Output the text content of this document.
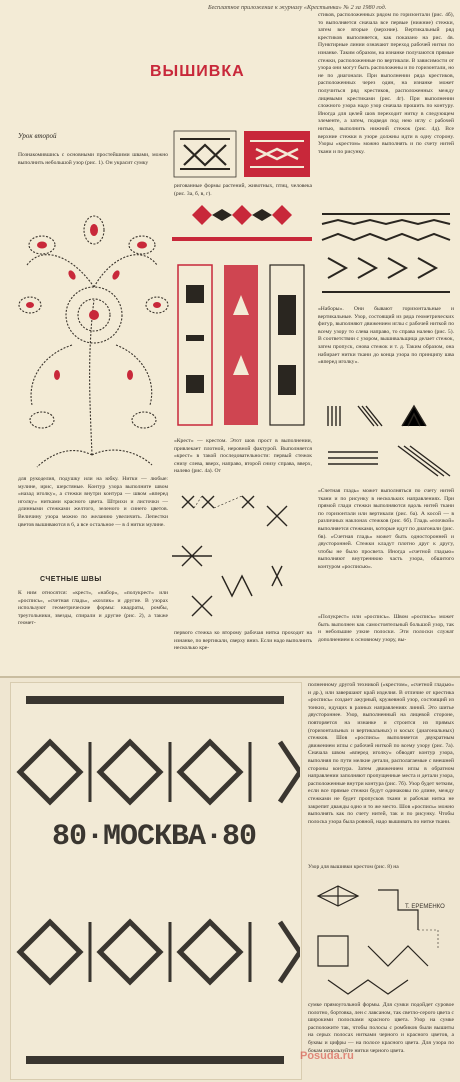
Бесплатное приложение к журналу «Крестьянка» № 2 за 1980 год.
ВЫШИВКА
Урок второй
Познакомившись с основными простейшими швами, можно выполнить небольшой узор (рис. 1). Он украсит сумку
ригованные формы растений, животных, птиц, человека (рис. 3а, б, в, г).
для рукоделия, подушку или на юбку. Нитки — любые: мулине, ирис, шерстяные. Контур узора выполните швом «назад иголку», а стежки внутри контура — швом «вперед иголку» нитками красного цвета. Штрихи и листочки — длинными стежками желтого, зеленого и синего цветов. Величину узора можно по желанию увеличить. Лепестки цветов вышиваются в 6, а все остальное — в 4 нитки мулине.
СЧЕТНЫЕ ШВЫ
К ним относятся: «крест», «набор», «полукрест» или «роспись», «счетная гладь», «козлик» и другие. В узорах используют геометрические формы: квадраты, ромбы, треугольники, звезды, спирали и другие (рис. 2), а также геомет-
«Крест» — крестом. Этот шов прост в выполнении, привлекает плотной, неровной фактурой. Выполняется «крест» в такой последовательности: первый стежок снизу слева, вверх, направо, второй снизу справа, вверх, налево (рис. 4а). От
первого стежка ко второму рабочая нитка проходит на изнанке, по вертикали, сверху вниз. Если надо выполнить несколько кре-
стиков, расположенных рядом по горизонтали (рис. 4б), то выполняется сначала все первые (нижние) стежки, затем все вторые (верхние). Вертикальный ряд крестиков выполняется, как показано на рис. 4в. Пунктирные линии означают переход рабочей нитки по изнанке. Таким образом, на изнанке получаются прямые стежки, расположенные по вертикали. В зависимости от узора они могут быть расположены и по горизонтали, но не по диагонали. При выполнении ряда крестиков, расположенных через один, на изнанке может получиться ряд крестиков, расположенных между лицевыми крестиками (рис. 4г). При выполнении сложного узора надо узор сначала прошить по контуру. Иногда для целей шов переходит нитку в следующем элементе, а затем, подведя под нею иглу с рабочей нитью, выполнить нижний стежок (рис. 4д). Все верхние стежки в узоре должны идти в одну сторону. Узоры «крестом» можно выполнять и по счету нитей ткани и по рисунку.
«Наборы». Они бывают горизонтальные и вертикальные. Узор, состоящий из ряда геометрических фигур, выполняют движением иглы с рабочей ниткой по всему узору то слева направо, то справа налево (рис. 5). В соответствии с узором, вышивальщица делает стежок, затем пропуск, снова стежок и т. д. Таким образом, она набирает нитки ткани до конца узора по принципу шва «вперед иголку».
«Счетная гладь» может выполняться по счету нитей ткани и по рисунку в нескольких направлениях. При прямой глади стежки выполняются вдоль нитей ткани по горизонтали или вертикали (рис. 6а). А косой — в различных наклонах стежков (рис. 6б). Гладь «елочкой» выполняется стежками, которые идут по диагонали (рис. 6в). «Счетная гладь» может быть односторонней и двусторонней. Стежки кладут плотно друг к другу, чтобы не было просвета. Иногда «счетной гладью» выполняют внутреннюю часть узора, обшитого контуром «росписью».
«Полукрест» или «роспись». Швом «роспись» может быть выполнен как самостоятельный большой узор, так и небольшие узкие полоски. Эти полоски служат дополнением к основному узору, вы-
полненному другой техникой («крестом», «счетной гладью» и др.), или завершают край изделия. В отличие от крестика «роспись» создает ажурный, кружевной узор, состоящий из тонких, идущих в разных направлениях линий. Это шитье двустороннее. Узор, выполненный на лицевой стороне, повторяется на изнанке и строится из прямых (горизонтальных и вертикальных) и косых (диагональных) стежков. Шов «роспись» выполняется двукратным движением иглы с рабочей ниткой по всему узору (рис. 7а). Сначала швом «вперед иголку» обводят контур узора, выполняя по пути мелкие детали, располагаемые с внешней стороны контура. Затем движением иглы в обратном направлении заполняют пропущенные места и детали узора, расположенные внутри контура (рис. 7б). Узор будет четким, если все прямые стежки будут одинаковы по длине, между стежками не будет пропусков ткани и рабочая нитка не закрепит дважды одно и то же место. Шов «роспись» можно выполнять как по счету нитей, так и по рисунку. Чтобы полоска узора была ровной, надо вышивать по нитке ткани.
Узор для вышивки крестом (рис. 8) на
сумке прямоугольной формы. Для сумки подойдет суровое полотно, бортовка, лен с лавсаном, так светло-серого цвета с широкими полосками красного цвета. Узор на сумке расположите так, чтобы полосы с ромбиков были вышиты на серых полосах нитками черного и красного цветов, а буквы и цифры — на полосе красного цвета. Для узора по бокам используйте нитки черного цвета.
80·МОСКВА·80
Т. ЕРЕМЕНКО
Posuda.ru
